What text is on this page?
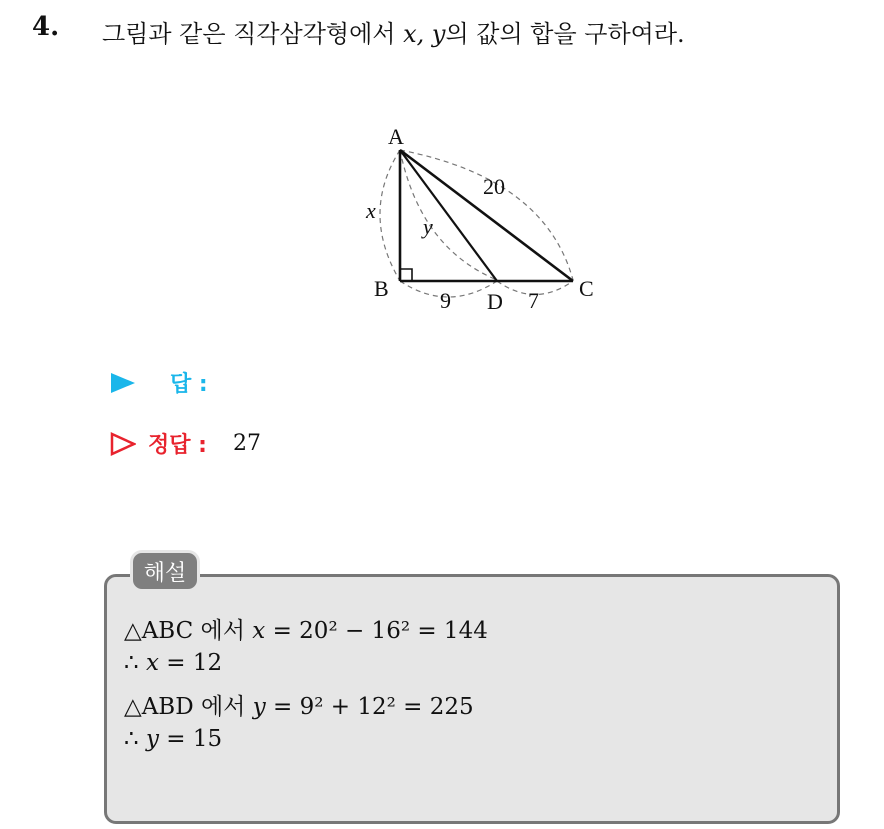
4. 그림과 같은 직각삼각형에서 x, y의 값의 합을 구하여라.
A
B	C
D
x
y
20
9	7
답 :
정답 : 27
해설
△ABC 에서 x = 20² − 16² = 144
∴ x = 12
△ABD 에서 y = 9² + 12² = 225
∴ y = 15
